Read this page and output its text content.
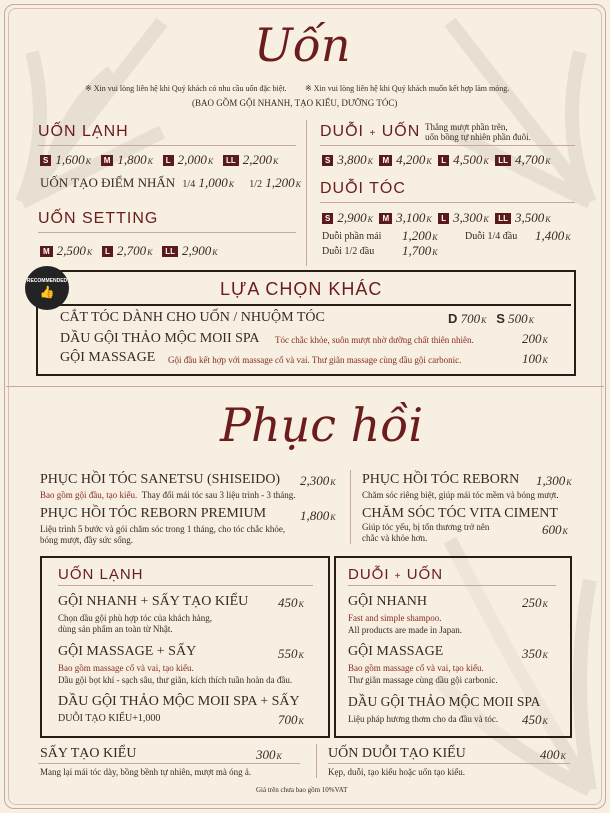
Uốn
※ Xin vui lòng liên hệ khi Quý khách có nhu cầu uốn đặc biệt. ※ Xin vui lòng liên hệ khi Quý khách muốn kết hợp làm móng.
(BAO GỒM GỘI NHANH, TẠO KIỂU, DƯỠNG TÓC)
UỐN LẠNH
S 1,600K M 1,800K L 2,000K LL 2,200K
UỐN TẠO ĐIỂM NHẤN 1/4 1,000K 1/2 1,200K
UỐN SETTING
M 2,500K L 2,700K LL 2,900K
DUỖI + UỐN Thẳng mượt phần trên,
uốn bồng tự nhiên phần đuôi.
S 3,800K M 4,200K L 4,500K LL 4,700K
DUỖI TÓC
S 2,900K M 3,100K L 3,300K LL 3,500K
Duỗi phần mái 1,200K	Duỗi 1/4 đầu 1,400K
Duỗi 1/2 đầu 1,700K
LỰA CHỌN KHÁC
RECOMMENDED
👍
CẮT TÓC DÀNH CHO UỐN / NHUỘM TÓC	D 700K S 500K
DẦU GỘI THẢO MỘC MOII SPA Tóc chắc khỏe, suôn mượt nhờ dưỡng chất thiên nhiên.	200K
GỘI MASSAGE Gội đầu kết hợp với massage cổ và vai. Thư giãn massage cùng dầu gội carbonic.	100K
Phục hồi
PHỤC HỒI TÓC SANETSU (SHISEIDO) 2,300K
Bao gồm gội đầu, tạo kiểu. Thay đổi mái tóc sau 3 liệu trình - 3 tháng.
PHỤC HỒI TÓC REBORN PREMIUM	1,800K
Liệu trình 5 bước và gói chăm sóc trong 1 tháng, cho tóc chắc khỏe,
bóng mượt, đầy sức sống.
PHỤC HỒI TÓC REBORN 1,300K
Chăm sóc riêng biệt, giúp mái tóc mềm và bóng mượt.
CHĂM SÓC TÓC VITA CIMENT
600K
Giúp tóc yếu, bị tổn thương trở nên
chắc và khỏe hơn.
UỐN LẠNH
GỘI NHANH + SẤY TẠO KIỂU 450K
Chọn dầu gội phù hợp tóc của khách hàng,
dùng sản phẩm an toàn từ Nhật.
GỘI MASSAGE + SẤY	550K
Bao gồm massage cổ và vai, tạo kiểu.
Dầu gội bọt khí - sạch sâu, thư giãn, kích thích tuần hoàn da đầu.
DẦU GỘI THẢO MỘC MOII SPA + SẤY
DUỖI TẠO KIỂU+1,000	700K
DUỖI + UỐN
GỘI NHANH	250K
Fast and simple shampoo.
All products are made in Japan.
GỘI MASSAGE	350K
Bao gồm massage cổ và vai, tạo kiểu.
Thư giãn massage cùng dầu gội carbonic.
DẦU GỘI THẢO MỘC MOII SPA
Liệu pháp hương thơm cho da đầu và tóc. 450K
SẤY TẠO KIỂU	300K
Mang lại mái tóc dày, bồng bềnh tự nhiên, mượt mà óng ả.
UỐN DUỖI TẠO KIỂU	400K
Kẹp, duỗi, tạo kiểu hoặc uốn tạo kiểu.
Giá trên chưa bao gồm 10%VAT
